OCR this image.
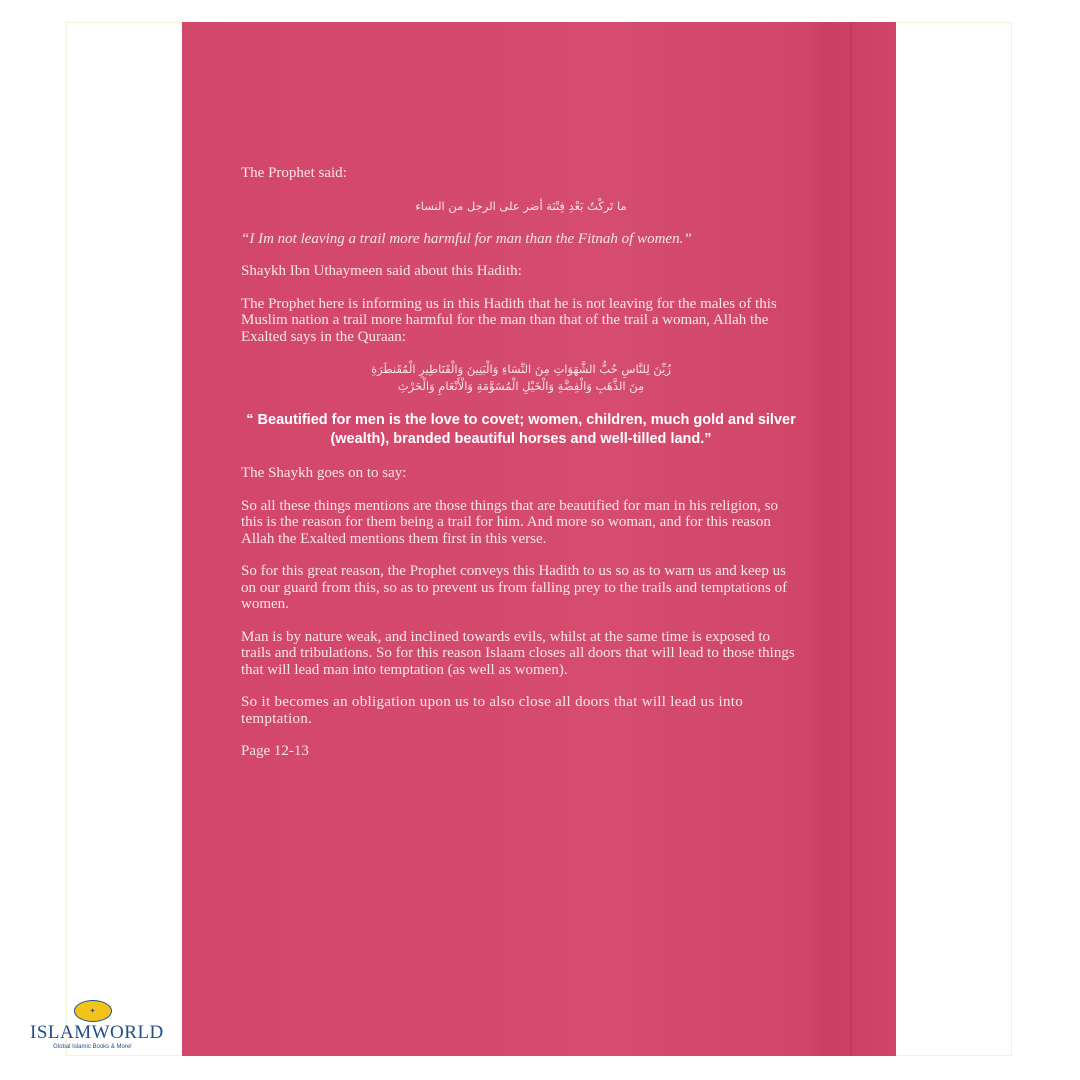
The Prophet said:

ما تَركْتُ بَعْدِ فِتْنَة أضر على الرجل من النساء

“I Im not leaving a trail more harmful for man than the Fitnah of women.”

Shaykh Ibn Uthaymeen said about this Hadith:

The Prophet here is informing us in this Hadith that he is not leaving for the males of this Muslim nation a trail more harmful for the man than that of the trail a woman, Allah the Exalted says in the Quraan:

زُيِّنَ لِلنَّاسِ حُبُّ الشَّهَوَاتِ مِنَ النِّسَاءِ وَالْبَنِينَ وَالْقَنَاطِيرِ الْمُقَنطَرَةِ

مِنَ الذَّهَبِ وَالْفِضَّةِ وَالْخَيْلِ الْمُسَوَّمَةِ وَالْأَنْعَامِ وَالْحَرْثِ

“ Beautified for men is the love to covet; women, children, much gold and silver (wealth), branded beautiful horses and well-tilled land.”

The Shaykh goes on to say:

So all these things mentions are those things that are beautified for man in his religion, so this is the reason for them being a trail for him. And more so woman, and for this reason Allah the Exalted mentions them first in this verse.

So for this great reason, the Prophet conveys this Hadith to us so as to warn us and keep us on our guard from this, so as to prevent us from falling prey to the trails and temptations of women.

Man is by nature weak, and inclined towards evils, whilst at the same time is exposed to trails and tribulations. So for this reason Islaam closes all doors that will lead to those things that will lead man into temptation (as well as women).

So it becomes an obligation upon us to also close all doors that will lead us into temptation.

Page 12-13

✦
ISLAMWORLD
Global Islamic Books & More!
